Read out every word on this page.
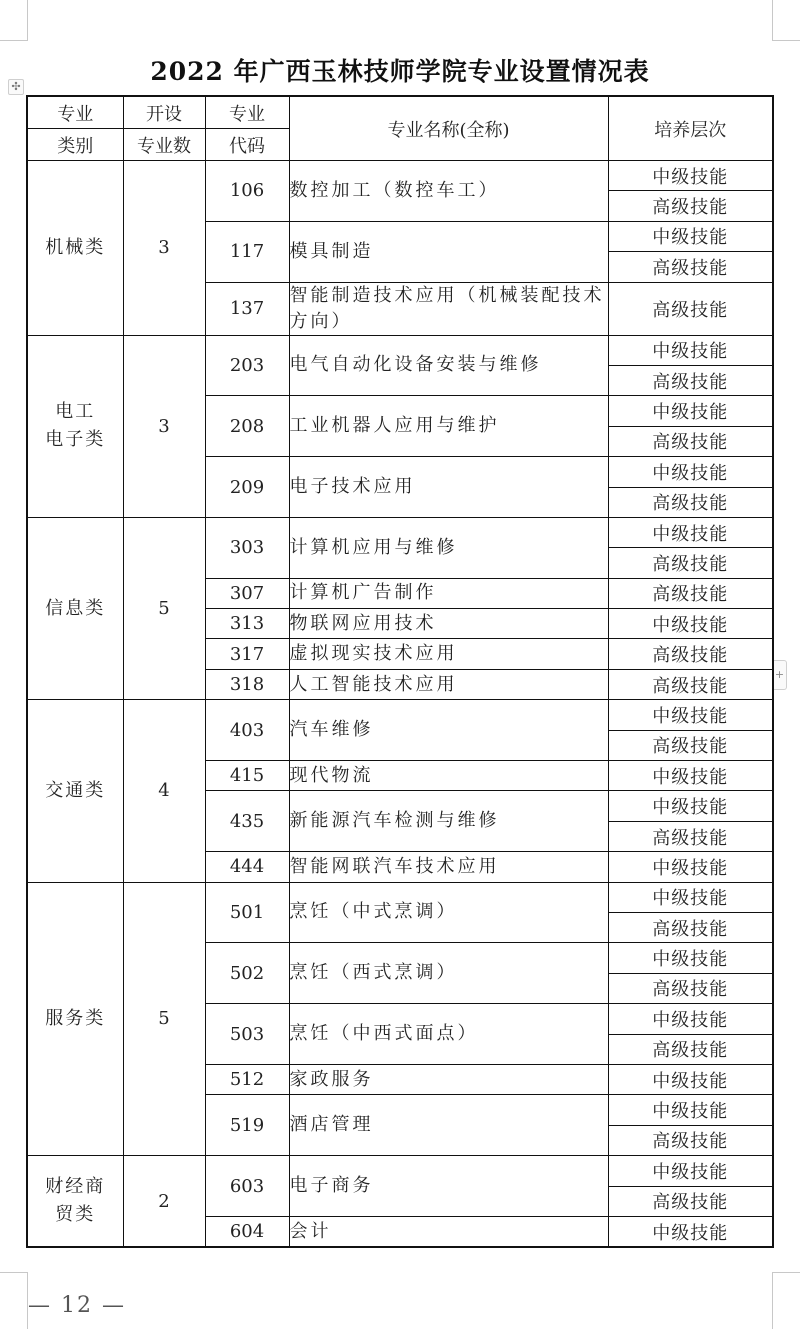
2022 年广西玉林技师学院专业设置情况表
✣
+
专业	开设	专业	专业名称(全称)	培养层次
类别	专业数	代码		
机械类	3	106	数控加工（数控车工）	中级技能
				高级技能
		117	模具制造	中级技能
				高级技能
		137	智能制造技术应用（机械装配技术方向）	高级技能

电工
电子类	3	203	电气自动化设备安装与维修	中级技能
				高级技能
		208	工业机器人应用与维护	中级技能
				高级技能
		209	电子技术应用	中级技能
				高级技能
信息类	5	303	计算机应用与维修	中级技能
				高级技能
		307	计算机广告制作	高级技能
		313	物联网应用技术	中级技能
		317	虚拟现实技术应用	高级技能
		318	人工智能技术应用	高级技能
交通类	4	403	汽车维修	中级技能
				高级技能
		415	现代物流	中级技能
		435	新能源汽车检测与维修	中级技能
				高级技能
		444	智能网联汽车技术应用	中级技能
服务类	5	501	烹饪（中式烹调）	中级技能
				高级技能
		502	烹饪（西式烹调）	中级技能
				高级技能
		503	烹饪（中西式面点）	中级技能
				高级技能
		512	家政服务	中级技能
		519	酒店管理	中级技能
				高级技能

财经商
贸类	2	603	电子商务	中级技能
				高级技能
		604	会计	中级技能
— 12 —
